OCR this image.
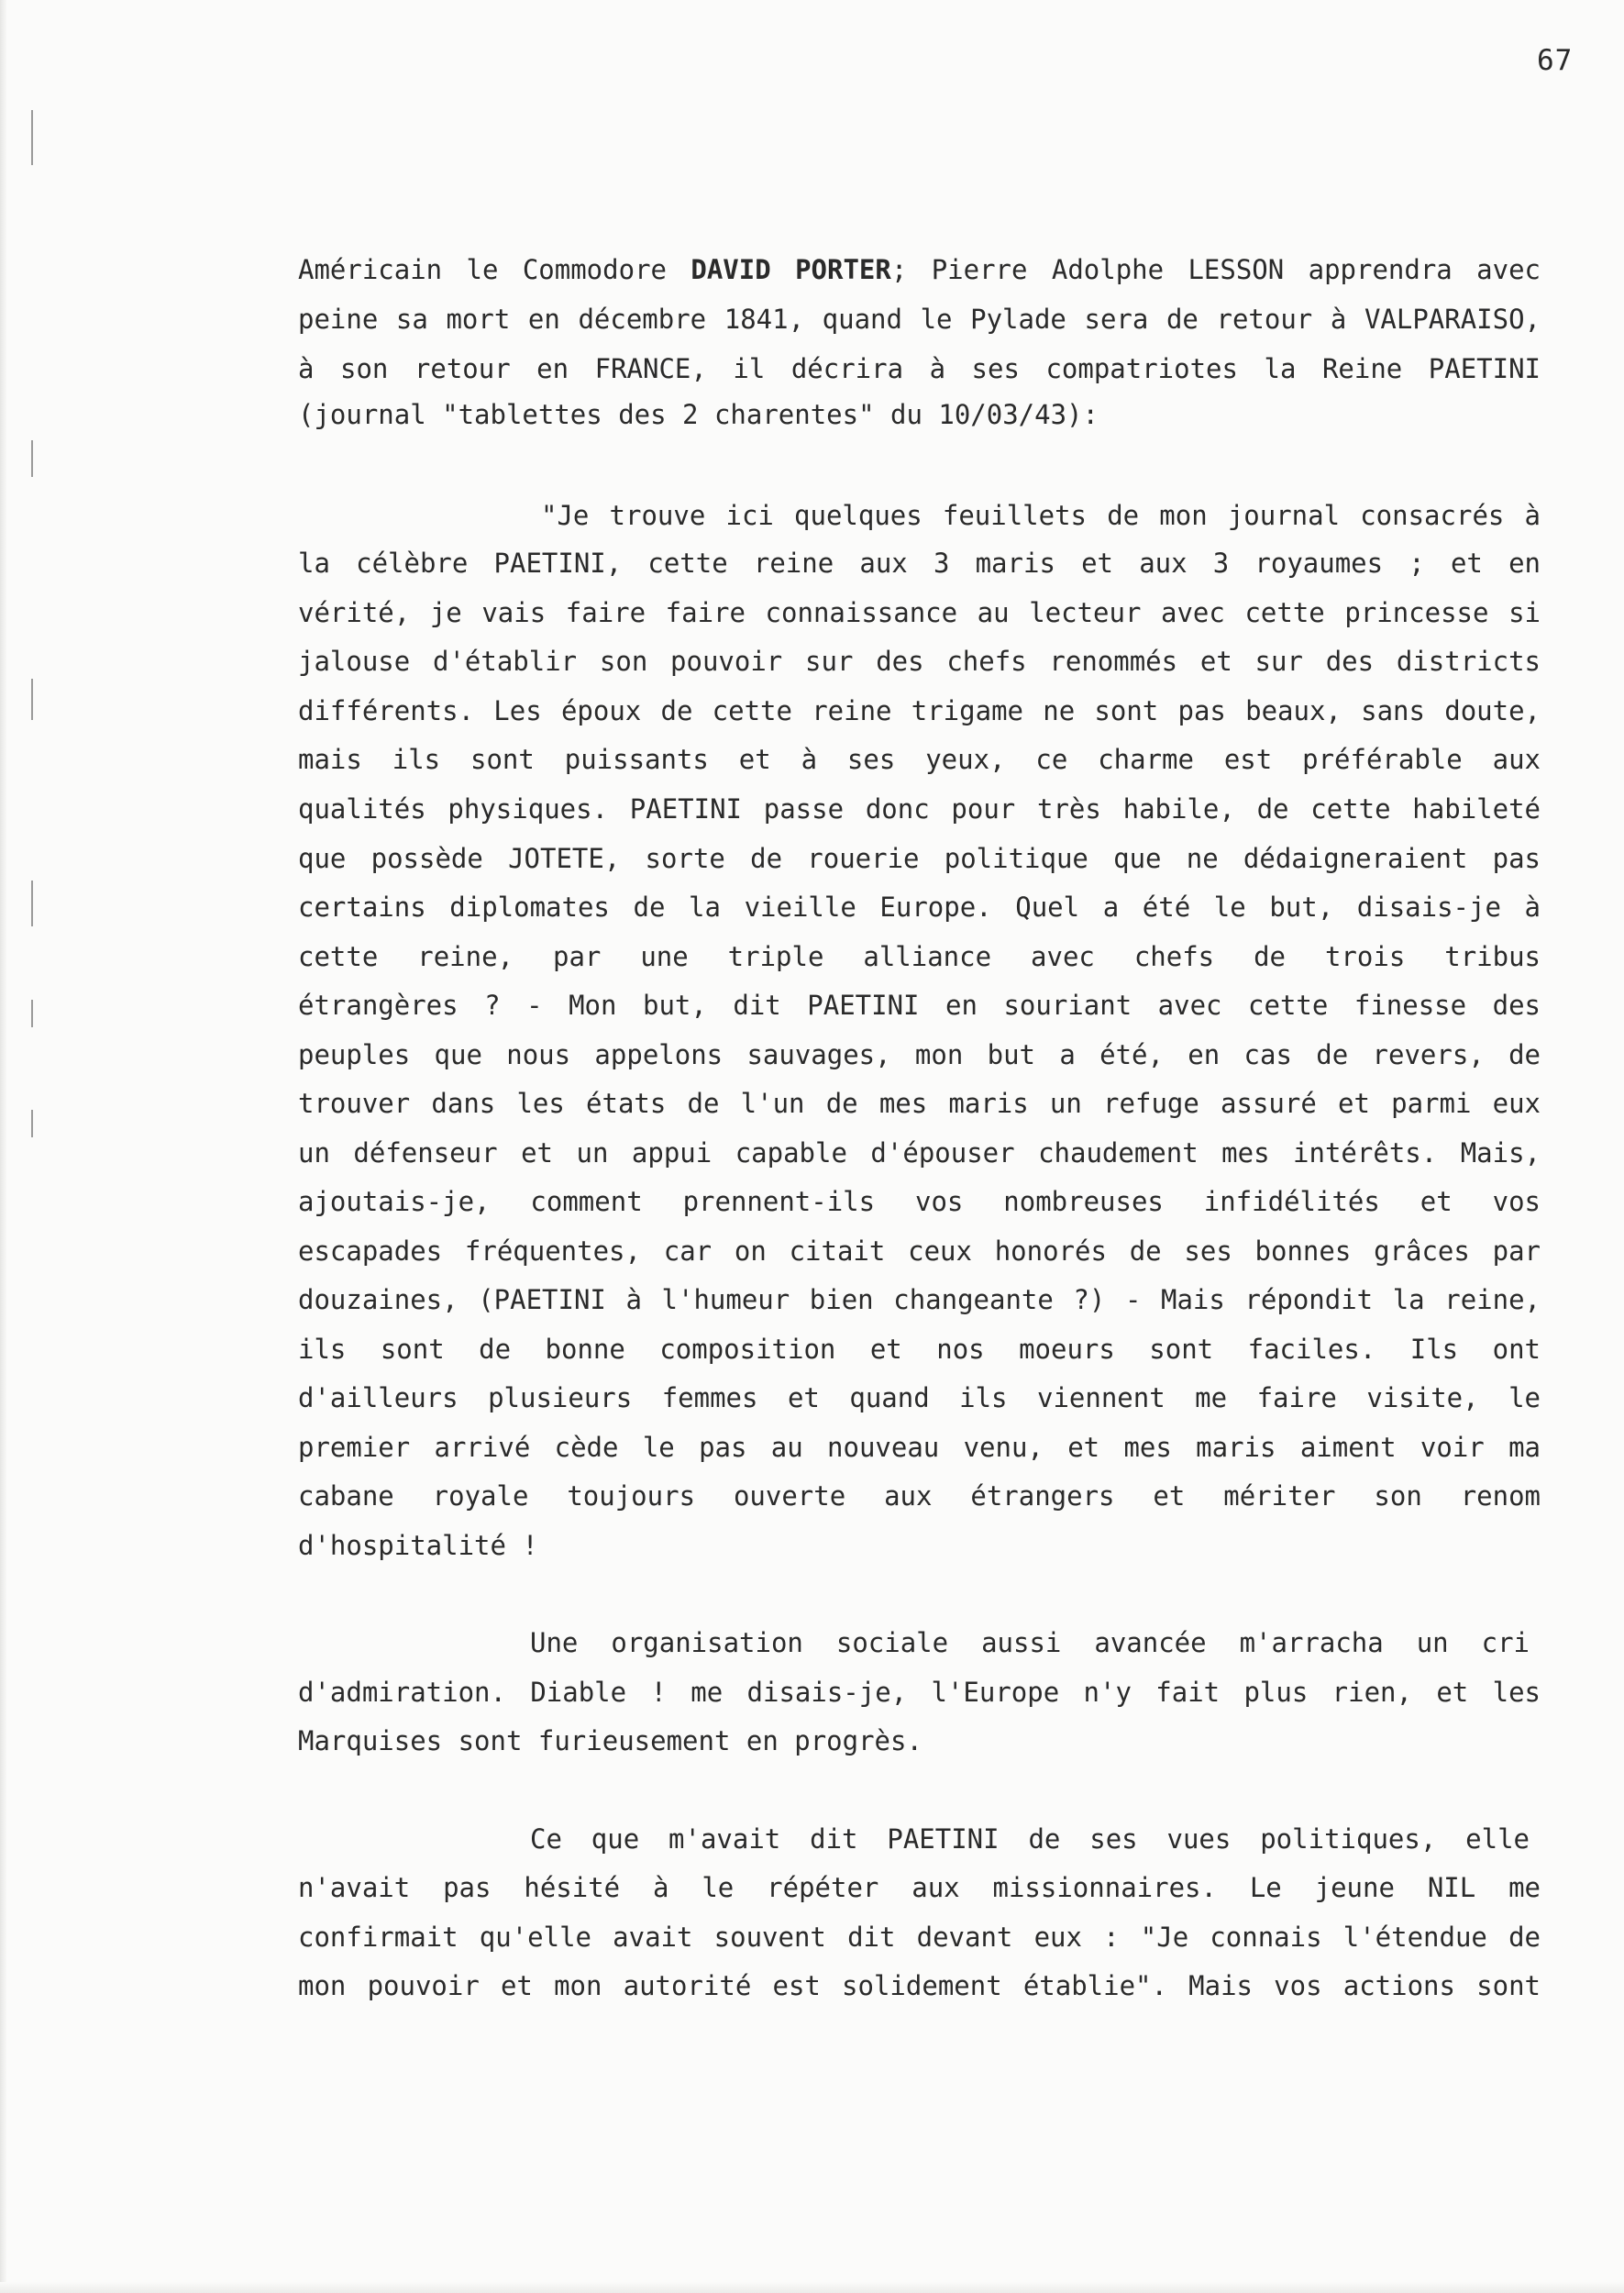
67
Américain le Commodore DAVID PORTER; Pierre Adolphe LESSON apprendra avec
peine sa mort en décembre 1841, quand le Pylade sera de retour à VALPARAISO,
à son retour en FRANCE, il décrira à ses compatriotes la Reine PAETINI
(journal "tablettes des 2 charentes" du 10/03/43):
"Je trouve ici quelques feuillets de mon journal consacrés à
la célèbre PAETINI, cette reine aux 3 maris et aux 3 royaumes ; et en
vérité, je vais faire faire connaissance au lecteur avec cette princesse si
jalouse d'établir son pouvoir sur des chefs renommés et sur des districts
différents. Les époux de cette reine trigame ne sont pas beaux, sans doute,
mais ils sont puissants et à ses yeux, ce charme est préférable aux
qualités physiques. PAETINI passe donc pour très habile, de cette habileté
que possède JOTETE, sorte de rouerie politique que ne dédaigneraient pas
certains diplomates de la vieille Europe. Quel a été le but, disais-je à
cette reine, par une triple alliance avec chefs de trois tribus
étrangères ? - Mon but, dit PAETINI en souriant avec cette finesse des
peuples que nous appelons sauvages, mon but a été, en cas de revers, de
trouver dans les états de l'un de mes maris un refuge assuré et parmi eux
un défenseur et un appui capable d'épouser chaudement mes intérêts. Mais,
ajoutais-je, comment prennent-ils vos nombreuses infidélités et vos
escapades fréquentes, car on citait ceux honorés de ses bonnes grâces par
douzaines, (PAETINI à l'humeur bien changeante ?) - Mais répondit la reine,
ils sont de bonne composition et nos moeurs sont faciles. Ils ont
d'ailleurs plusieurs femmes et quand ils viennent me faire visite, le
premier arrivé cède le pas au nouveau venu, et mes maris aiment voir ma
cabane royale toujours ouverte aux étrangers et mériter son renom
d'hospitalité !
Une organisation sociale aussi avancée m'arracha un cri
d'admiration. Diable ! me disais-je, l'Europe n'y fait plus rien, et les
Marquises sont furieusement en progrès.
Ce que m'avait dit PAETINI de ses vues politiques, elle
n'avait pas hésité à le répéter aux missionnaires. Le jeune NIL me
confirmait qu'elle avait souvent dit devant eux : "Je connais l'étendue de
mon pouvoir et mon autorité est solidement établie". Mais vos actions sont
